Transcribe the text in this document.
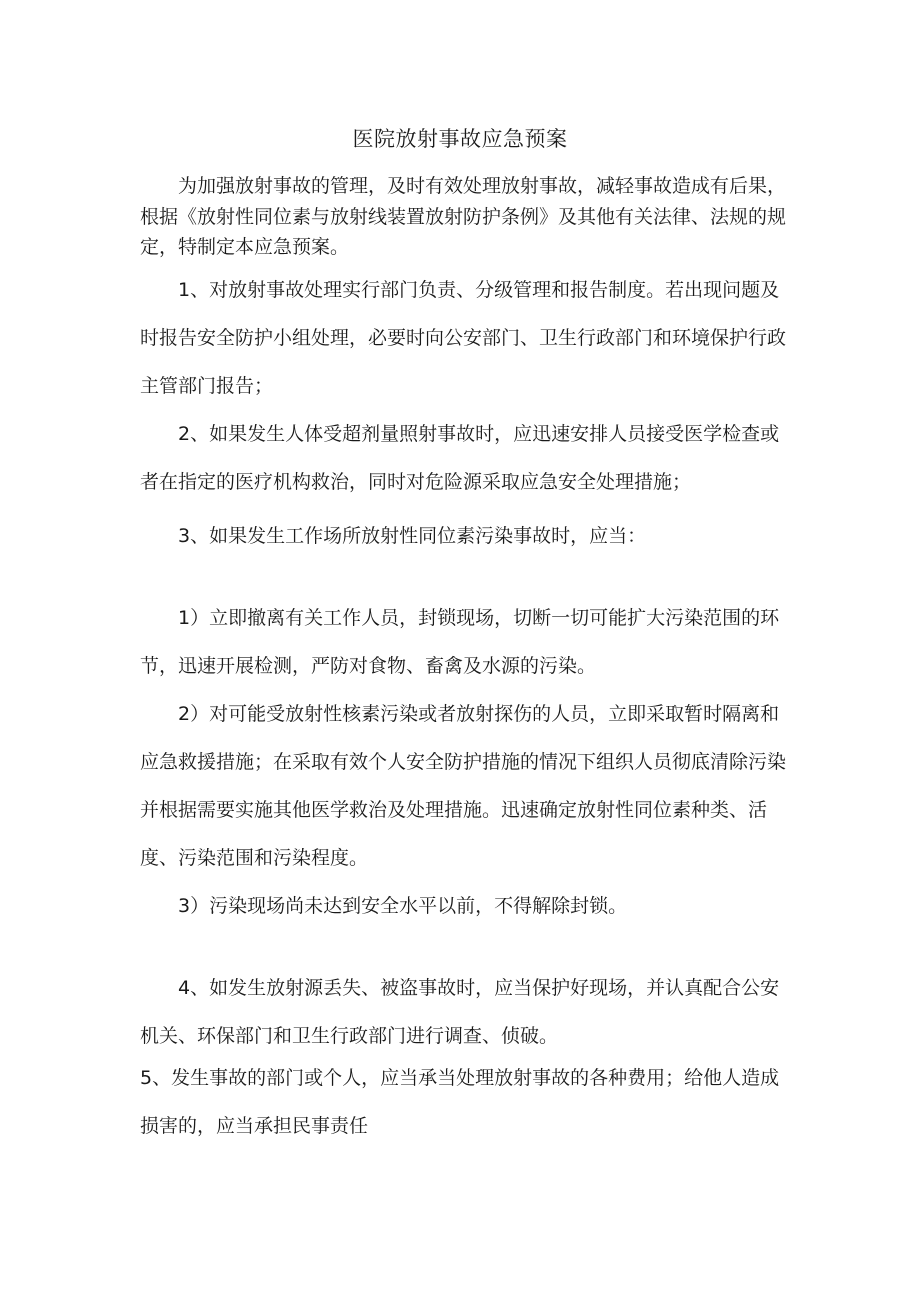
医院放射事故应急预案

为加强放射事故的管理，及时有效处理放射事故，减轻事故造成有后果，根据《放射性同位素与放射线装置放射防护条例》及其他有关法律、法规的规定，特制定本应急预案。

1、对放射事故处理实行部门负责、分级管理和报告制度。若出现问题及时报告安全防护小组处理，必要时向公安部门、卫生行政部门和环境保护行政主管部门报告；

2、如果发生人体受超剂量照射事故时，应迅速安排人员接受医学检查或者在指定的医疗机构救治，同时对危险源采取应急安全处理措施；

3、如果发生工作场所放射性同位素污染事故时，应当：

1）立即撤离有关工作人员，封锁现场，切断一切可能扩大污染范围的环节，迅速开展检测，严防对食物、畜禽及水源的污染。

2）对可能受放射性核素污染或者放射探伤的人员，立即采取暂时隔离和应急救援措施；在采取有效个人安全防护措施的情况下组织人员彻底清除污染并根据需要实施其他医学救治及处理措施。迅速确定放射性同位素种类、活度、污染范围和污染程度。

3）污染现场尚未达到安全水平以前，不得解除封锁。

4、如发生放射源丢失、被盗事故时，应当保护好现场，并认真配合公安机关、环保部门和卫生行政部门进行调查、侦破。

5、发生事故的部门或个人，应当承当处理放射事故的各种费用；给他人造成损害的，应当承担民事责任
